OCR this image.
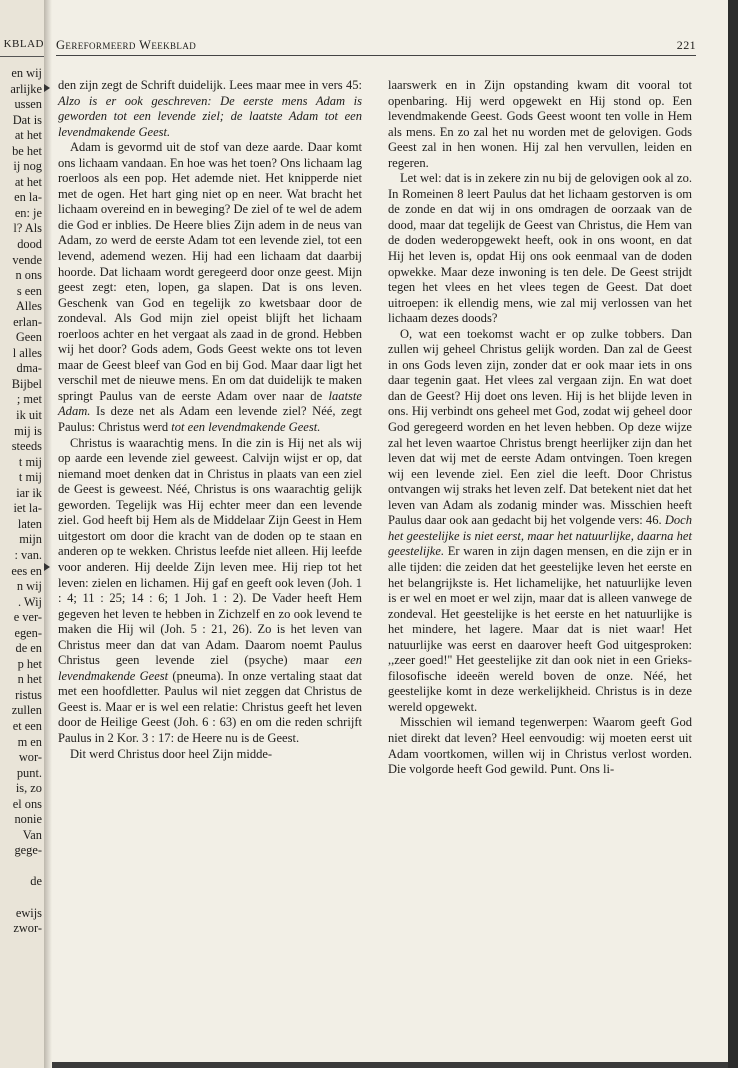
KBLAD
en wij
arlijke
ussen
Dat is
at het
be het
ij nog
at het
en la-
en: je
l? Als
dood
vende
n ons
s een
Alles
erlan-
Geen
l alles
dma-
Bijbel
; met
ik uit
mij is
steeds
t mij
t mij
iar ik
iet la-
laten
mijn
: van.
ees en
n wij
. Wij
e ver-
egen-
de en
p het
n het
ristus
zullen
et een
m en
wor-
punt.
is, zo
el ons
nonie
Van
gege-

de

ewijs
zwor-
Gereformeerd Weekblad	221

den zijn zegt de Schrift duidelijk. Lees maar mee in vers 45: Alzo is er ook geschreven: De eerste mens Adam is geworden tot een levende ziel; de laatste Adam tot een levendmakende Geest.

Adam is gevormd uit de stof van deze aarde. Daar komt ons lichaam vandaan. En hoe was het toen? Ons lichaam lag roerloos als een pop. Het ademde niet. Het knipperde niet met de ogen. Het hart ging niet op en neer. Wat bracht het lichaam overeind en in beweging? De ziel of te wel de adem die God er inblies. De Heere blies Zijn adem in de neus van Adam, zo werd de eerste Adam tot een levende ziel, tot een levend, ademend wezen. Hij had een lichaam dat daarbij hoorde. Dat lichaam wordt geregeerd door onze geest. Mijn geest zegt: eten, lopen, ga slapen. Dat is ons leven. Geschenk van God en tegelijk zo kwetsbaar door de zondeval. Als God mijn ziel opeist blijft het lichaam roerloos achter en het vergaat als zaad in de grond. Hebben wij het door? Gods adem, Gods Geest wekte ons tot leven maar de Geest bleef van God en bij God. Maar daar ligt het verschil met de nieuwe mens. En om dat duidelijk te maken springt Paulus van de eerste Adam over naar de laatste Adam. Is deze net als Adam een levende ziel? Néé, zegt Paulus: Christus werd tot een levendmakende Geest.

Christus is waarachtig mens. In die zin is Hij net als wij op aarde een levende ziel geweest. Calvijn wijst er op, dat niemand moet denken dat in Christus in plaats van een ziel de Geest is geweest. Néé, Christus is ons waarachtig gelijk geworden. Tegelijk was Hij echter meer dan een levende ziel. God heeft bij Hem als de Middelaar Zijn Geest in Hem uitgestort om door die kracht van de doden op te staan en anderen op te wekken. Christus leefde niet alleen. Hij leefde voor anderen. Hij deelde Zijn leven mee. Hij riep tot het leven: zielen en lichamen. Hij gaf en geeft ook leven (Joh. 1 : 4; 11 : 25; 14 : 6; 1 Joh. 1 : 2). De Vader heeft Hem gegeven het leven te hebben in Zichzelf en zo ook levend te maken die Hij wil (Joh. 5 : 21, 26). Zo is het leven van Christus meer dan dat van Adam. Daarom noemt Paulus Christus geen levende ziel (psyche) maar een levendmakende Geest (pneuma). In onze vertaling staat dat met een hoofdletter. Paulus wil niet zeggen dat Christus de Geest is. Maar er is wel een relatie: Christus geeft het leven door de Heilige Geest (Joh. 6 : 63) en om die reden schrijft Paulus in 2 Kor. 3 : 17: de Heere nu is de Geest.

Dit werd Christus door heel Zijn midde-

laarswerk en in Zijn opstanding kwam dit vooral tot openbaring. Hij werd opgewekt en Hij stond op. Een levendmakende Geest. Gods Geest woont ten volle in Hem als mens. En zo zal het nu worden met de gelovigen. Gods Geest zal in hen wonen. Hij zal hen vervullen, leiden en regeren.

Let wel: dat is in zekere zin nu bij de gelovigen ook al zo. In Romeinen 8 leert Paulus dat het lichaam gestorven is om de zonde en dat wij in ons omdragen de oorzaak van de dood, maar dat tegelijk de Geest van Christus, die Hem van de doden wederopgewekt heeft, ook in ons woont, en dat Hij het leven is, opdat Hij ons ook eenmaal van de doden opwekke. Maar deze inwoning is ten dele. De Geest strijdt tegen het vlees en het vlees tegen de Geest. Dat doet uitroepen: ik ellendig mens, wie zal mij verlossen van het lichaam dezes doods?

O, wat een toekomst wacht er op zulke tobbers. Dan zullen wij geheel Christus gelijk worden. Dan zal de Geest in ons Gods leven zijn, zonder dat er ook maar iets in ons daar tegenin gaat. Het vlees zal vergaan zijn. En wat doet dan de Geest? Hij doet ons leven. Hij is het blijde leven in ons. Hij verbindt ons geheel met God, zodat wij geheel door God geregeerd worden en het leven hebben. Op deze wijze zal het leven waartoe Christus brengt heerlijker zijn dan het leven dat wij met de eerste Adam ontvingen. Toen kregen wij een levende ziel. Een ziel die leeft. Door Christus ontvangen wij straks het leven zelf. Dat betekent niet dat het leven van Adam als zodanig minder was. Misschien heeft Paulus daar ook aan gedacht bij het volgende vers: 46. Doch het geestelijke is niet eerst, maar het natuurlijke, daarna het geestelijke. Er waren in zijn dagen mensen, en die zijn er in alle tijden: die zeiden dat het geestelijke leven het eerste en het belangrijkste is. Het lichamelijke, het natuurlijke leven is er wel en moet er wel zijn, maar dat is alleen vanwege de zondeval. Het geestelijke is het eerste en het natuurlijke is het mindere, het lagere. Maar dat is niet waar! Het natuurlijke was eerst en daarover heeft God uitgesproken: ,,zeer goed!'' Het geestelijke zit dan ook niet in een Grieks-filosofische ideeën wereld boven de onze. Néé, het geestelijke komt in deze werkelijkheid. Christus is in deze wereld opgewekt.

Misschien wil iemand tegenwerpen: Waarom geeft God niet direkt dat leven? Heel eenvoudig: wij moeten eerst uit Adam voortkomen, willen wij in Christus verlost worden. Die volgorde heeft God gewild. Punt. Ons li-
